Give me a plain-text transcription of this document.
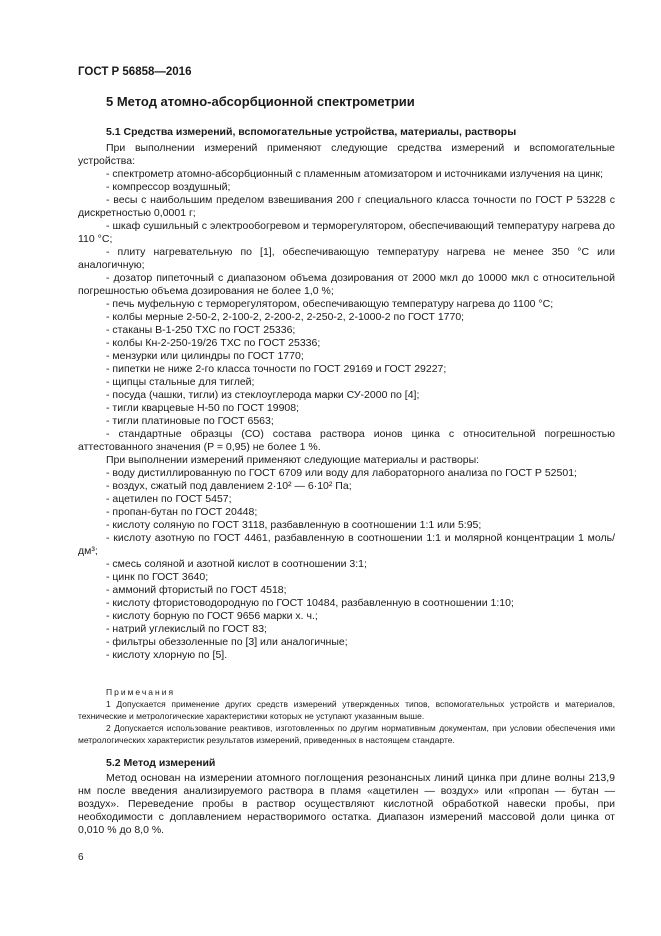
ГОСТ Р 56858—2016
5 Метод атомно-абсорбционной спектрометрии
5.1 Средства измерений, вспомогательные устройства, материалы, растворы

При выполнении измерений применяют следующие средства измерений и вспомогательные устройства:

- спектрометр атомно-абсорбционный с пламенным атомизатором и источниками излучения на цинк;

- компрессор воздушный;

- весы с наибольшим пределом взвешивания 200 г специального класса точности по ГОСТ Р 53228 с дискретностью 0,0001 г;

- шкаф сушильный с электрообогревом и терморегулятором, обеспечивающий температуру нагрева до 110 °С;

- плиту нагревательную по [1], обеспечивающую температуру нагрева не менее 350 °С или аналогичную;

- дозатор пипеточный с диапазоном объема дозирования от 2000 мкл до 10000 мкл с относительной погрешностью объема дозирования не более 1,0 %;

- печь муфельную с терморегулятором, обеспечивающую температуру нагрева до 1100 °С;

- колбы мерные 2-50-2, 2-100-2, 2-200-2, 2-250-2, 2-1000-2 по ГОСТ 1770;

- стаканы В-1-250 ТХС по ГОСТ 25336;

- колбы Кн-2-250-19/26 ТХС по ГОСТ 25336;

- мензурки или цилиндры по ГОСТ 1770;

- пипетки не ниже 2-го класса точности по ГОСТ 29169 и ГОСТ 29227;

- щипцы стальные для тиглей;

- посуда (чашки, тигли) из стеклоуглерода марки СУ-2000 по [4];

- тигли кварцевые Н-50 по ГОСТ 19908;

- тигли платиновые по ГОСТ 6563;

- стандартные образцы (СО) состава раствора ионов цинка с относительной погрешностью аттестованного значения (P = 0,95) не более 1 %.

При выполнении измерений применяют следующие материалы и растворы:

- воду дистиллированную по ГОСТ 6709 или воду для лабораторного анализа по ГОСТ Р 52501;

- воздух, сжатый под давлением 2·10² — 6·10² Па;

- ацетилен по ГОСТ 5457;

- пропан-бутан по ГОСТ 20448;

- кислоту соляную по ГОСТ 3118, разбавленную в соотношении 1:1 или 5:95;

- кислоту азотную по ГОСТ 4461, разбавленную в соотношении 1:1 и молярной концентрации 1 моль/дм³;

- смесь соляной и азотной кислот в соотношении 3:1;

- цинк по ГОСТ 3640;

- аммоний фтористый по ГОСТ 4518;

- кислоту фтористоводородную по ГОСТ 10484, разбавленную в соотношении 1:10;

- кислоту борную по ГОСТ 9656 марки х. ч.;

- натрий углекислый по ГОСТ 83;

- фильтры обеззоленные по [3] или аналогичные;

- кислоту хлорную по [5].

Примечания

1 Допускается применение других средств измерений утвержденных типов, вспомогательных устройств и материалов, технические и метрологические характеристики которых не уступают указанным выше.

2 Допускается использование реактивов, изготовленных по другим нормативным документам, при условии обеспечения ими метрологических характеристик результатов измерений, приведенных в настоящем стандарте.

5.2 Метод измерений

Метод основан на измерении атомного поглощения резонансных линий цинка при длине волны 213,9 нм после введения анализируемого раствора в пламя «ацетилен — воздух» или «пропан — бутан — воздух». Переведение пробы в раствор осуществляют кислотной обработкой навески пробы, при необходимости с доплавлением нерастворимого остатка. Диапазон измерений массовой доли цинка от 0,010 % до 8,0 %.

6
